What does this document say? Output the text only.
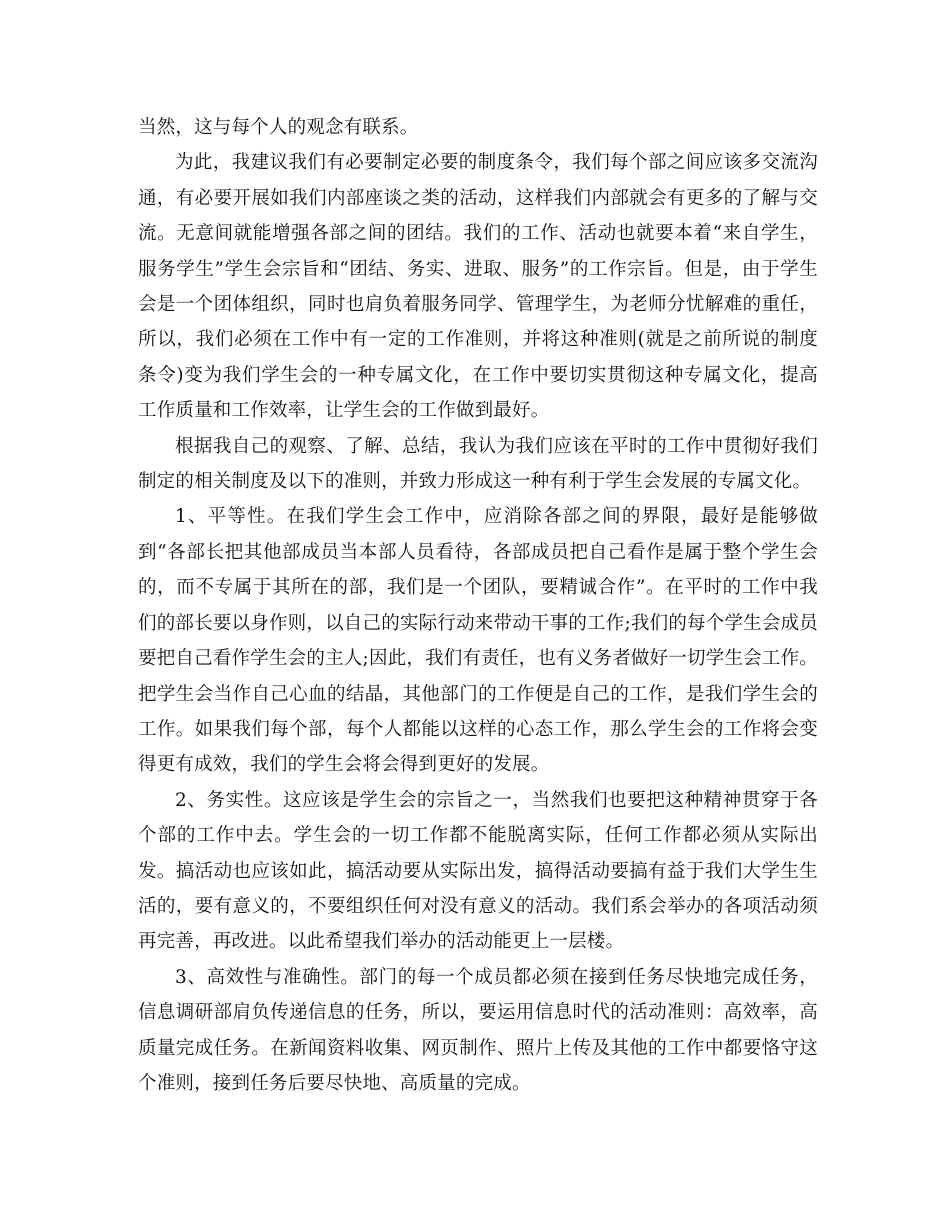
当然，这与每个人的观念有联系。

为此，我建议我们有必要制定必要的制度条令，我们每个部之间应该多交流沟通，有必要开展如我们内部座谈之类的活动，这样我们内部就会有更多的了解与交流。无意间就能增强各部之间的团结。我们的工作、活动也就要本着“来自学生，服务学生”学生会宗旨和“团结、务实、进取、服务”的工作宗旨。但是，由于学生会是一个团体组织，同时也肩负着服务同学、管理学生，为老师分忧解难的重任，所以，我们必须在工作中有一定的工作准则，并将这种准则(就是之前所说的制度条令)变为我们学生会的一种专属文化，在工作中要切实贯彻这种专属文化，提高工作质量和工作效率，让学生会的工作做到最好。

根据我自己的观察、了解、总结，我认为我们应该在平时的工作中贯彻好我们制定的相关制度及以下的准则，并致力形成这一种有利于学生会发展的专属文化。

1、平等性。在我们学生会工作中，应消除各部之间的界限，最好是能够做到“各部长把其他部成员当本部人员看待，各部成员把自己看作是属于整个学生会的，而不专属于其所在的部，我们是一个团队，要精诚合作”。在平时的工作中我们的部长要以身作则，以自己的实际行动来带动干事的工作;我们的每个学生会成员要把自己看作学生会的主人;因此，我们有责任，也有义务者做好一切学生会工作。把学生会当作自己心血的结晶，其他部门的工作便是自己的工作，是我们学生会的工作。如果我们每个部，每个人都能以这样的心态工作，那么学生会的工作将会变得更有成效，我们的学生会将会得到更好的发展。

2、务实性。这应该是学生会的宗旨之一，当然我们也要把这种精神贯穿于各个部的工作中去。学生会的一切工作都不能脱离实际，任何工作都必须从实际出发。搞活动也应该如此，搞活动要从实际出发，搞得活动要搞有益于我们大学生生活的，要有意义的，不要组织任何对没有意义的活动。我们系会举办的各项活动须再完善，再改进。以此希望我们举办的活动能更上一层楼。

3、高效性与准确性。部门的每一个成员都必须在接到任务尽快地完成任务，信息调研部肩负传递信息的任务，所以，要运用信息时代的活动准则：高效率，高质量完成任务。在新闻资料收集、网页制作、照片上传及其他的工作中都要恪守这个准则，接到任务后要尽快地、高质量的完成。
